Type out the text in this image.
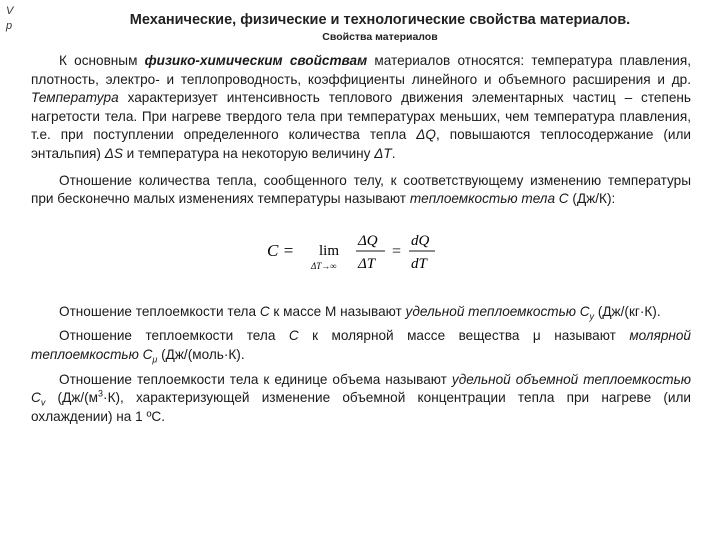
V
p	Механические, физические и технологические свойства материалов.
Свойства материалов

К основным физико-химическим свойствам материалов относятся: температура плавления, плотность, электро- и теплопроводность, коэффициенты линейного и объемного расширения и др. Температура характеризует интенсивность теплового движения элементарных частиц – степень нагретости тела. При нагреве твердого тела при температурах меньших, чем температура плавления, т.е. при поступлении определенного количества тепла ΔQ, повышаются теплосодержание (или энтальпия) ΔS и температура на некоторую величину ΔT.

Отношение количества тепла, сообщенного телу, к соответствующему изменению температуры при бесконечно малых изменениях температуры называют теплоемкостью тела С (Дж/К):

C = lim
ΔT→∞
ΔQ
ΔT
=
dQ
dT

Отношение теплоемкости тела С к массе М называют удельной теплоемкостью $С_у$ (Дж/(кг·К).

Отношение теплоемкости тела С к молярной массе вещества μ называют молярной теплоемкостью $С_\mu$ (Дж/(моль·К).

Отношение теплоемкости тела к единице объема называют удельной объемной теплоемкостью $С_v$ ($Дж/(м^3\cdot К)$, характеризующей изменение объемной концентрации тепла при нагреве (или охлаждении) на 1 ºС.
